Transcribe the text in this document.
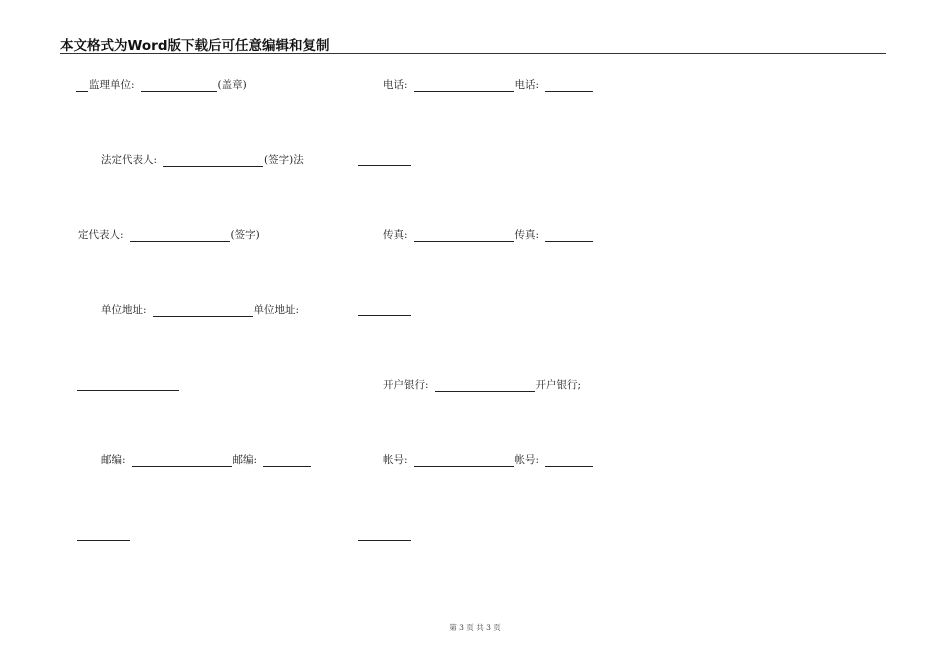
本文格式为Word版下载后可任意编辑和复制
监理单位:	(盖章)	电话:	电话:
法定代表人:	(签字) 法
定代表人:	(签字)	传真:	传真:
单位地址:	单位地址:
开户银行:	开户银行;
邮编:	邮编:	帐号:	帐号:
第 3 页 共 3 页
